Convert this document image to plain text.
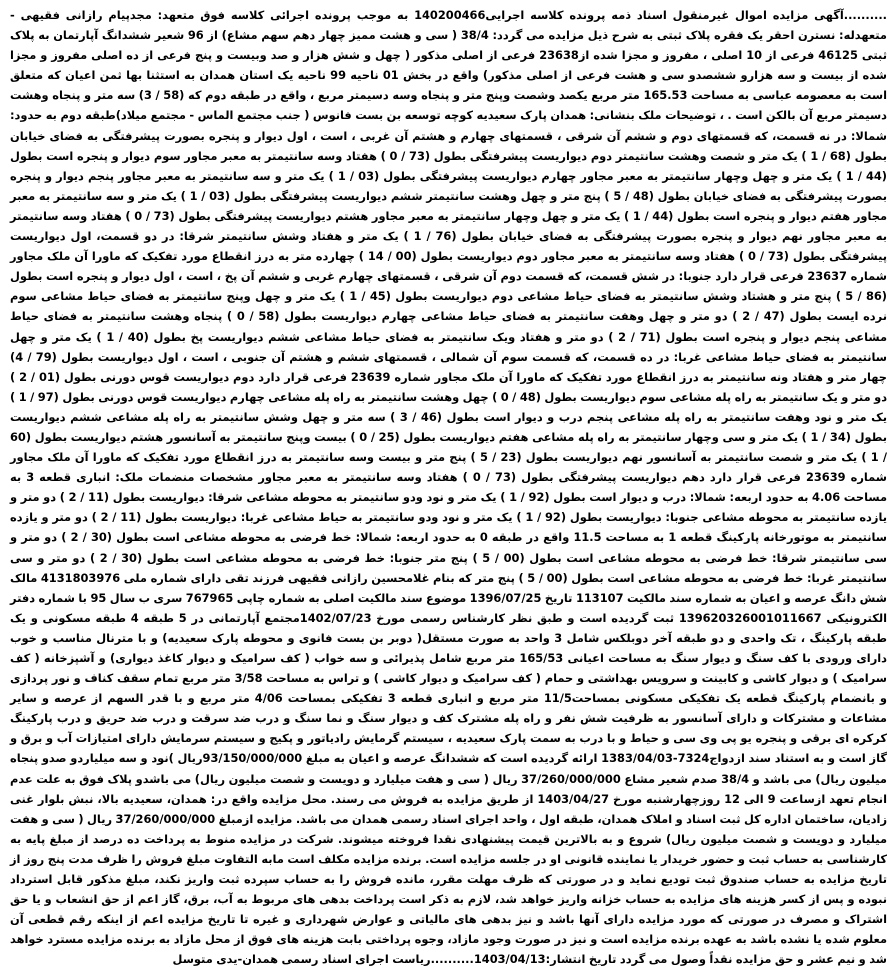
..........آگهی مزایده اموال غیرمنقول اسناد ذمه پرونده کلاسه اجرایی140200466 به موجب پرونده اجرائی کلاسه فوق متعهد: مجدپیام رازانی فقیهی - متعهدله: نسترن احقر یک فقره پلاک ثبتی به شرح ذیل مزایده می گردد: 38/4 ( سی و هشت ممیز چهار دهم سهم مشاع) از 96 شعیر ششدانگ آپارتمان به پلاک ثبتی 46125 فرعی از 10 اصلی ، مفروز و مجزا شده از23638 فرعی از اصلی مذکور ( چهل و شش هزار و صد وبیست و پنج فرعی از ده اصلی مفروز و مجزا شده از بیست و سه هزارو ششصدو سی و هشت فرعی از اصلی مذکور) واقع در بخش 01 ناحیه 99 ناحیه یک استان همدان به استثنا بها ثمن اعیان که متعلق است به معصومه عباسی به مساحت 165.53 متر مربع یکصد وشصت وپنج متر و پنجاه وسه دسیمتر مربع ، واقع در طبقه دوم که (58 / 3) سه متر و پنجاه وهشت دسیمتر مربع آن بالکن است . ، توضیحات ملک بنشانی: همدان پارک سعیدیه کوچه توسعه بن بست فانوس ( جنب مجتمع الماس - مجتمع میلاد)طبقه دوم به حدود: شمالا: در نه قسمت، که قسمتهای دوم و ششم آن شرقی ، قسمتهای چهارم و هشتم آن غربی ، است ، اول دیوار و پنجره بصورت پیشرفتگی به فضای خیابان بطول (68 / 1 ) یک متر و شصت وهشت سانتیمتر دوم دیواریست پیشرفتگی بطول (73 / 0 ) هفتاد وسه سانتیمتر به معبر مجاور سوم دیوار و پنجره است بطول (44 / 1 ) یک متر و چهل وچهار سانتیمتر به معبر مجاور چهارم دیواریست پیشرفتگی بطول (03 / 1 ) یک متر و سه سانتیمتر به معبر مجاور پنجم دیوار و پنجره بصورت پیشرفتگی به فضای خیابان بطول (48 / 5 ) پنج متر و چهل وهشت سانتیمتر ششم دیواریست پیشرفتگی بطول (03 / 1 ) یک متر و سه سانتیمتر به معبر مجاور هفتم دیوار و پنجره است بطول (44 / 1 ) یک متر و چهل وچهار سانتیمتر به معبر مجاور هشتم دیواریست پیشرفتگی بطول (73 / 0 ) هفتاد وسه سانتیمتر به معبر مجاور نهم دیوار و پنجره بصورت پیشرفتگی به فضای خیابان بطول (76 / 1 ) یک متر و هفتاد وشش سانتیمتر شرقا: در دو قسمت، اول دیواریست پیشرفتگی بطول (73 / 0 ) هفتاد وسه سانتیمتر به معبر مجاور دوم دیواریست بطول (00 / 14 ) چهارده متر به درز انقطاع مورد تفکیک که ماورا آن ملک مجاور شماره 23637 فرعی قرار دارد جنوبا: در شش قسمت، که قسمت دوم آن شرقی ، قسمتهای چهارم غربی و ششم آن پخ ، است ، اول دیوار و پنجره است بطول (86 / 5 ) پنج متر و هشتاد وشش سانتیمتر به فضای حیاط مشاعی دوم دیواریست بطول (45 / 1 ) یک متر و چهل وپنج سانتیمتر به فضای حیاط مشاعی سوم نرده ایست بطول (47 / 2 ) دو متر و چهل وهفت سانتیمتر به فضای حیاط مشاعی چهارم دیواریست بطول (58 / 0 ) پنجاه وهشت سانتیمتر به فضای حیاط مشاعی پنجم دیوار و پنجره است بطول (71 / 2 ) دو متر و هفتاد ویک سانتیمتر به فضای حیاط مشاعی ششم دیواریست پخ بطول (40 / 1 ) یک متر و چهل سانتیمتر به فضای حیاط مشاعی غربا: در ده قسمت، که قسمت سوم آن شمالی ، قسمتهای ششم و هشتم آن جنوبی ، است ، اول دیواریست بطول (79 / 4) چهار متر و هفتاد ونه سانتیمتر به درز انقطاع مورد تفکیک که ماورا آن ملک مجاور شماره 23639 فرعی قرار دارد دوم دیواریست قوس دورنی بطول (01 / 2 ) دو متر و یک سانتیمتر به راه پله مشاعی سوم دیواریست بطول (48 / 0 ) چهل وهشت سانتیمتر به راه پله مشاعی چهارم دیواریست قوس دورنی بطول (97 / 1 ) یک متر و نود وهفت سانتیمتر به راه پله مشاعی پنجم درب و دیوار است بطول (46 / 3 ) سه متر و چهل وشش سانتیمتر به راه پله مشاعی ششم دیواریست بطول (34 / 1 ) یک متر و سی وچهار سانتیمتر به راه پله مشاعی هفتم دیواریست بطول (25 / 0 ) بیست وپنج سانتیمتر به آسانسور هشتم دیواریست بطول (60 / 1 ) یک متر و شصت سانتیمتر به آسانسور نهم دیواریست بطول (23 / 5 ) پنج متر و بیست وسه سانتیمتر به درز انقطاع مورد تفکیک که ماورا آن ملک مجاور شماره 23639 فرعی قرار دارد دهم دیواریست پیشرفتگی بطول (73 / 0 ) هفتاد وسه سانتیمتر به معبر مجاور مشخصات منضمات ملک: انباری قطعه 3 به مساحت 4.06 به حدود اربعه: شمالا: درب و دیوار است بطول (92 / 1 ) یک متر و نود ودو سانتیمتر به محوطه مشاعی شرقا: دیواریست بطول (11 / 2 ) دو متر و یازده سانتیمتر به محوطه مشاعی جنوبا: دیواریست بطول (92 / 1 ) یک متر و نود ودو سانتیمتر به حیاط مشاعی غربا: دیواریست بطول (11 / 2 ) دو متر و یازده سانتیمتر به موتورخانه پارکینگ قطعه 1 به مساحت 11.5 واقع در طبقه 0 به حدود اربعه: شمالا: خط فرضی به محوطه مشاعی است بطول (30 / 2 ) دو متر و سی سانتیمتر شرقا: خط فرضی به محوطه مشاعی است بطول (00 / 5 ) پنج متر جنوبا: خط فرضی به محوطه مشاعی است بطول (30 / 2 ) دو متر و سی سانتیمتر غربا: خط فرضی به محوطه مشاعی است بطول (00 / 5 ) پنج متر که بنام غلامحسین رازانی فقیهی فرزند تقی دارای شماره ملی 4131803976 مالک شش دانگ عرصه و اعیان به شماره سند مالکیت 113107 تاریخ 1396/07/25 موضوع سند مالکیت اصلی به شماره چاپی 767965 سری ب سال 95 با شماره دفتر الکترونیکی 139620326001011667 ثبت گردیده است و طبق نظر کارشناس رسمی مورخ 1402/07/23مجتمع آپارتمانی در 5 طبقه 4 طبقه مسکونی و یک طبقه پارکینگ ، تک واحدی و دو طبقه آخر دوبلکس شامل 3 واحد به صورت مستقل( دوبر بن بست فانوی و محوطه پارک سعیدیه) و با مترنال مناسب و خوب دارای ورودی با کف سنگ و دیوار سنگ به مساحت اعیانی 165/53 متر مربع شامل پذیرائی و سه خواب ( کف سرامیک و دیوار کاغذ دیواری) و آشپزخانه ( کف سرامیک ) و دیوار کاشی و کابینت و سرویس بهداشتی و حمام ( کف سرامیک و دیوار کاشی ) و تراس به مساحت 3/58 متر مربع تمام سقف کناف و نور پردازی و بانضمام پارکینگ قطعه یک تفکیکی مسکونی بمساحت11/5 متر مربع و انباری قطعه 3 تفکیکی بمساحت 4/06 متر مربع و با قدر السهم از عرصه و سایر مشاعات و مشترکات و دارای آسانسور به ظرفیت شش نفر و راه پله مشترک کف و دیوار سنگ و نما سنگ و درب ضد سرقت و درب ضد حریق و درب پارکینگ کرکره ای برقی و پنجره یو پی وی سی و حیاط و با درب به سمت پارک سعیدیه ، سیستم گرمایش رادیاتور و پکیج و سیستم سرمایش دارای امتیازات آب و برق و گاز است و به استناد سند ازدواج7324-1383/04/03 ارائه گردیده است که ششدانگ عرصه و اعیان به مبلغ 93/150/000/000ریال )نود و سه میلیاردو صدو پنجاه میلیون ریال) می باشد و 38/4 صدم شعیر مشاع 37/260/000/000 ریال ( سی و هفت میلیارد و دویست و شصت میلیون ریال) می باشدو پلاک فوق به علت عدم انجام تعهد ازساعت 9 الی 12 روزچهارشنبه مورخ 1403/04/27 از طریق مزایده به فروش می رسند. محل مزایده واقع در: همدان، سعیدیه بالا، نبش بلوار غنی زادیان، ساختمان اداره کل ثبت اسناد و املاک همدان، طبقه اول ، واحد اجرای اسناد رسمی همدان می باشد. مزایده ازمبلغ 37/260/000/000 ریال ( سی و هفت میلیارد و دویست و شصت میلیون ریال) شروع و به بالاترین قیمت پیشنهادی نقدا فروخته میشوند. شرکت در مزایده منوط به پرداخت ده درصد از مبلغ پایه به کارشناسی به حساب ثبت و حضور خریدار یا نماینده قانونی او در جلسه مزایده است. برنده مزایده مکلف است مابه التفاوت مبلغ فروش را ظرف مدت پنج روز از تاریخ مزایده به حساب صندوق ثبت تودیع نماید و در صورتی که ظرف مهلت مقرر، مانده فروش را به حساب سپرده ثبت واریز نکند، مبلغ مذکور قابل استرداد نبوده و پس از کسر هزینه های مزایده به حساب خزانه واریز خواهد شد، لازم به ذکر است پرداخت بدهی های مربوط به آب، برق، گاز اعم از حق انشعاب و یا حق اشتراک و مصرف در صورتی که مورد مزایده دارای آنها باشد و نیز بدهی های مالیاتی و عوارض شهرداری و غیره تا تاریخ مزایده اعم از اینکه رقم قطعی آن معلوم شده یا نشده باشد به عهده برنده مزایده است و نیز در صورت وجود مازاد، وجوه پرداختی بابت هزینه های فوق از محل مازاد به برنده مزایده مسترد خواهد شد و نیم عشر و حق مزایده نقداً وصول می گردد تاریخ انتشار:1403/04/13..........ریاست اجرای اسناد رسمی همدان-یدی متوسل
